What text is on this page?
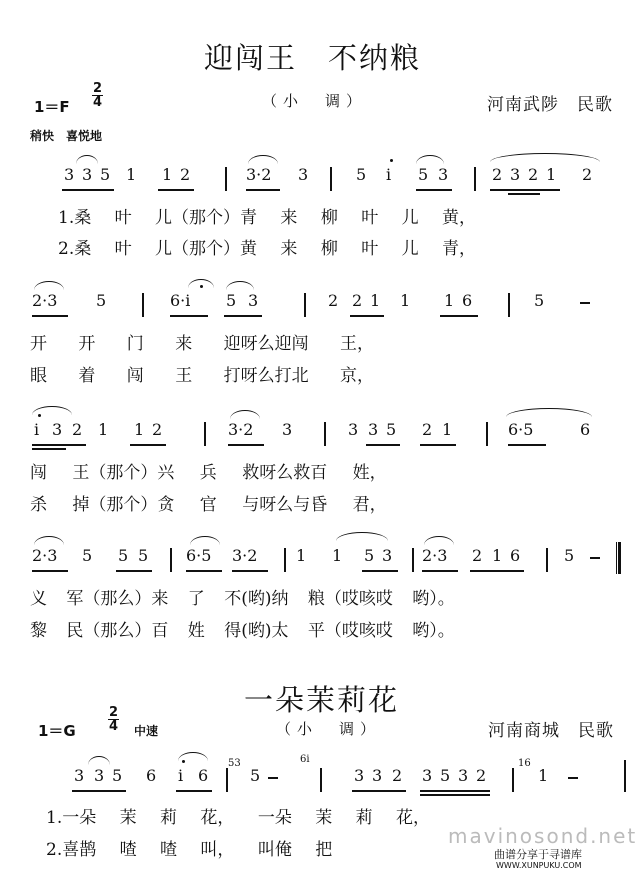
迎闯王　不纳粮
$1=F \frac{2}{4}$
稍快　喜悦地
（小　调）	河南武陟　民歌
3 3 5 1 1 2	3·2 3	5 i 5 3	2 3 2 1 2
1.桑 叶 儿（那个）青 来 柳 叶 儿 黄，
2.桑 叶 儿（那个）黄 来 柳 叶 儿 青，
2·3 5	6·i 5 3	2 2 1 1 1 6	5
开 开 门 来 迎呀么迎闯 王，
眼 着 闯 王 打呀么打北 京，
i 3 2 1 1 2	3·2 3	3 3 5 2 1	6·5	6
闯 王（那个）兴 兵 救呀么救百 姓，
杀 掉（那个）贪 官 与呀么与昏 君，
2·3 5 5 5 6·5 3·2 1 1 5 3 2·3 2 1 6	5
义 军（那么）来 了 不(哟)纳 粮（哎咳哎 哟）。
黎 民（那么）百 姓 得(哟)太 平（哎咳哎 哟）。
一朵茉莉花
$1=G \frac{2}{4}$ 中速	（小　调）	河南商城　民歌
3 3 5 6 i 6
53
5
6i
3 3 2 3 5 3 2
16
1
1.一朵 茉 莉 花， 一朵 茉 莉 花，
2.喜鹊 喳 喳 叫， 叫俺 把
mavinosond.net
曲谱分享于寻谱库
WWW.XUNPUKU.COM
